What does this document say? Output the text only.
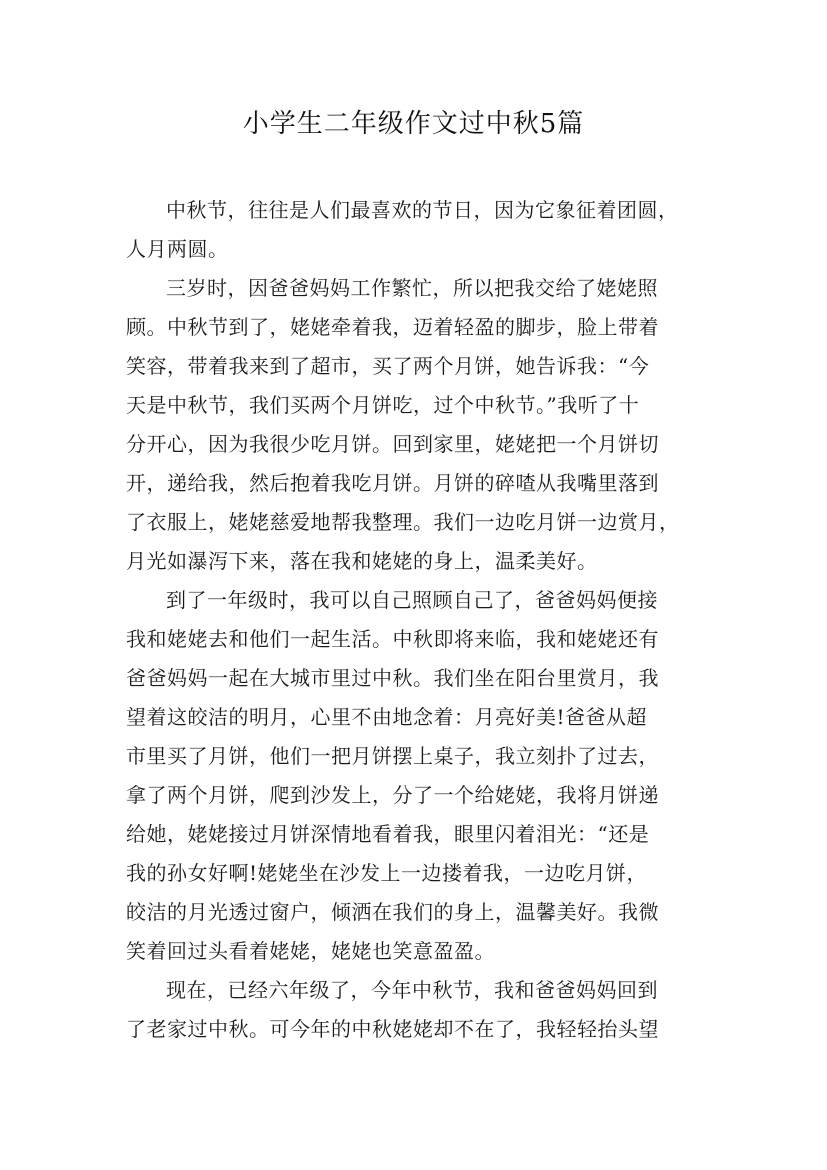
小学生二年级作文过中秋5篇
中秋节，往往是人们最喜欢的节日，因为它象征着团圆，
人月两圆。
三岁时，因爸爸妈妈工作繁忙，所以把我交给了姥姥照
顾。中秋节到了，姥姥牵着我，迈着轻盈的脚步，脸上带着
笑容，带着我来到了超市，买了两个月饼，她告诉我：“今
天是中秋节，我们买两个月饼吃，过个中秋节。”我听了十
分开心，因为我很少吃月饼。回到家里，姥姥把一个月饼切
开，递给我，然后抱着我吃月饼。月饼的碎喳从我嘴里落到
了衣服上，姥姥慈爱地帮我整理。我们一边吃月饼一边赏月，
月光如瀑泻下来，落在我和姥姥的身上，温柔美好。
到了一年级时，我可以自己照顾自己了，爸爸妈妈便接
我和姥姥去和他们一起生活。中秋即将来临，我和姥姥还有
爸爸妈妈一起在大城市里过中秋。我们坐在阳台里赏月，我
望着这皎洁的明月，心里不由地念着：月亮好美!爸爸从超
市里买了月饼，他们一把月饼摆上桌子，我立刻扑了过去，
拿了两个月饼，爬到沙发上，分了一个给姥姥，我将月饼递
给她，姥姥接过月饼深情地看着我，眼里闪着泪光：“还是
我的孙女好啊!姥姥坐在沙发上一边搂着我，一边吃月饼，
皎洁的月光透过窗户，倾洒在我们的身上，温馨美好。我微
笑着回过头看着姥姥，姥姥也笑意盈盈。
现在，已经六年级了，今年中秋节，我和爸爸妈妈回到
了老家过中秋。可今年的中秋姥姥却不在了，我轻轻抬头望
